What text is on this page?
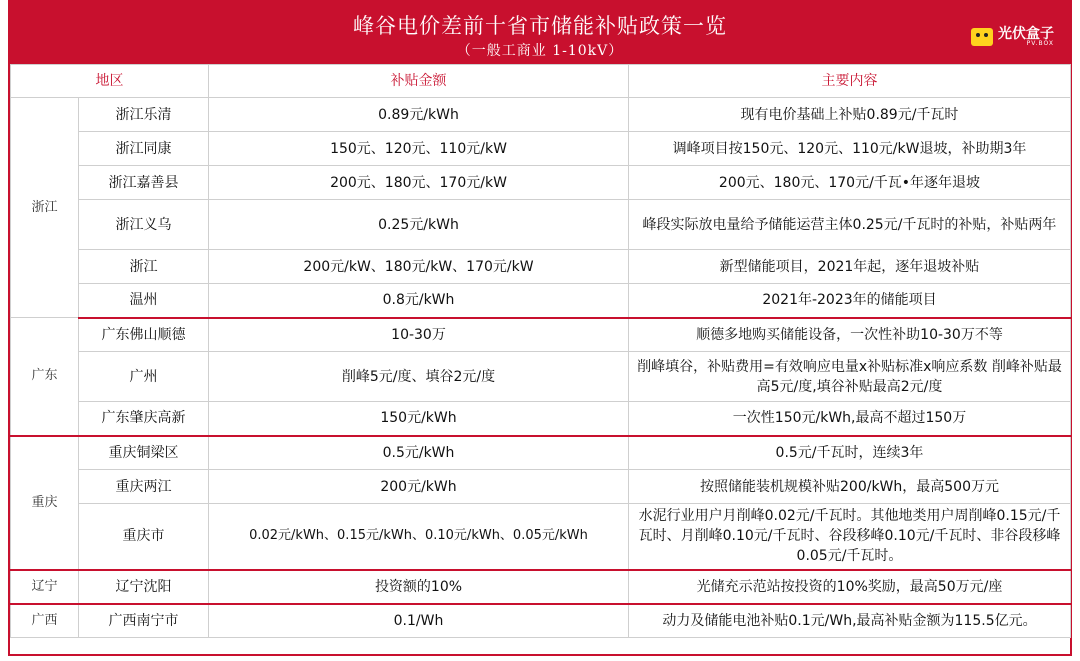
峰谷电价差前十省市储能补贴政策一览
（一般工商业 1-10kV）
光伏盒子
PV.BOX
地区		补贴金额	主要内容
浙江	浙江乐清	0.89元/kWh	现有电价基础上补贴0.89元/千瓦时
	浙江同康	150元、120元、110元/kW	调峰项目按150元、120元、110元/kW退坡，补助期3年
	浙江嘉善县	200元、180元、170元/kW	200元、180元、170元/千瓦•年逐年退坡
	浙江义乌	0.25元/kWh	峰段实际放电量给予储能运营主体0.25元/千瓦时的补贴，补贴两年
	浙江	200元/kW、180元/kW、170元/kW	新型储能项目，2021年起，逐年退坡补贴
	温州	0.8元/kWh	2021年-2023年的储能项目
广东	广东佛山顺德	10-30万	顺德多地购买储能设备，一次性补助10-30万不等
	广州	削峰5元/度、填谷2元/度	削峰填谷，补贴费用=有效响应电量x补贴标准x响应系数 削峰补贴最高5元/度,填谷补贴最高2元/度
	广东肇庆高新	150元/kWh	一次性150元/kWh,最高不超过150万
重庆	重庆铜梁区	0.5元/kWh	0.5元/千瓦时，连续3年
	重庆两江	200元/kWh	按照储能装机规模补贴200/kWh，最高500万元
	重庆市	0.02元/kWh、0.15元/kWh、0.10元/kWh、0.05元/kWh	水泥行业用户月削峰0.02元/千瓦时。其他地类用户周削峰0.15元/千瓦时、月削峰0.10元/千瓦时、谷段移峰0.10元/千瓦时、非谷段移峰0.05元/千瓦时。
辽宁	辽宁沈阳	投资额的10%	光储充示范站按投资的10%奖励，最高50万元/座
广西	广西南宁市	0.1/Wh	动力及储能电池补贴0.1元/Wh,最高补贴金额为115.5亿元。
